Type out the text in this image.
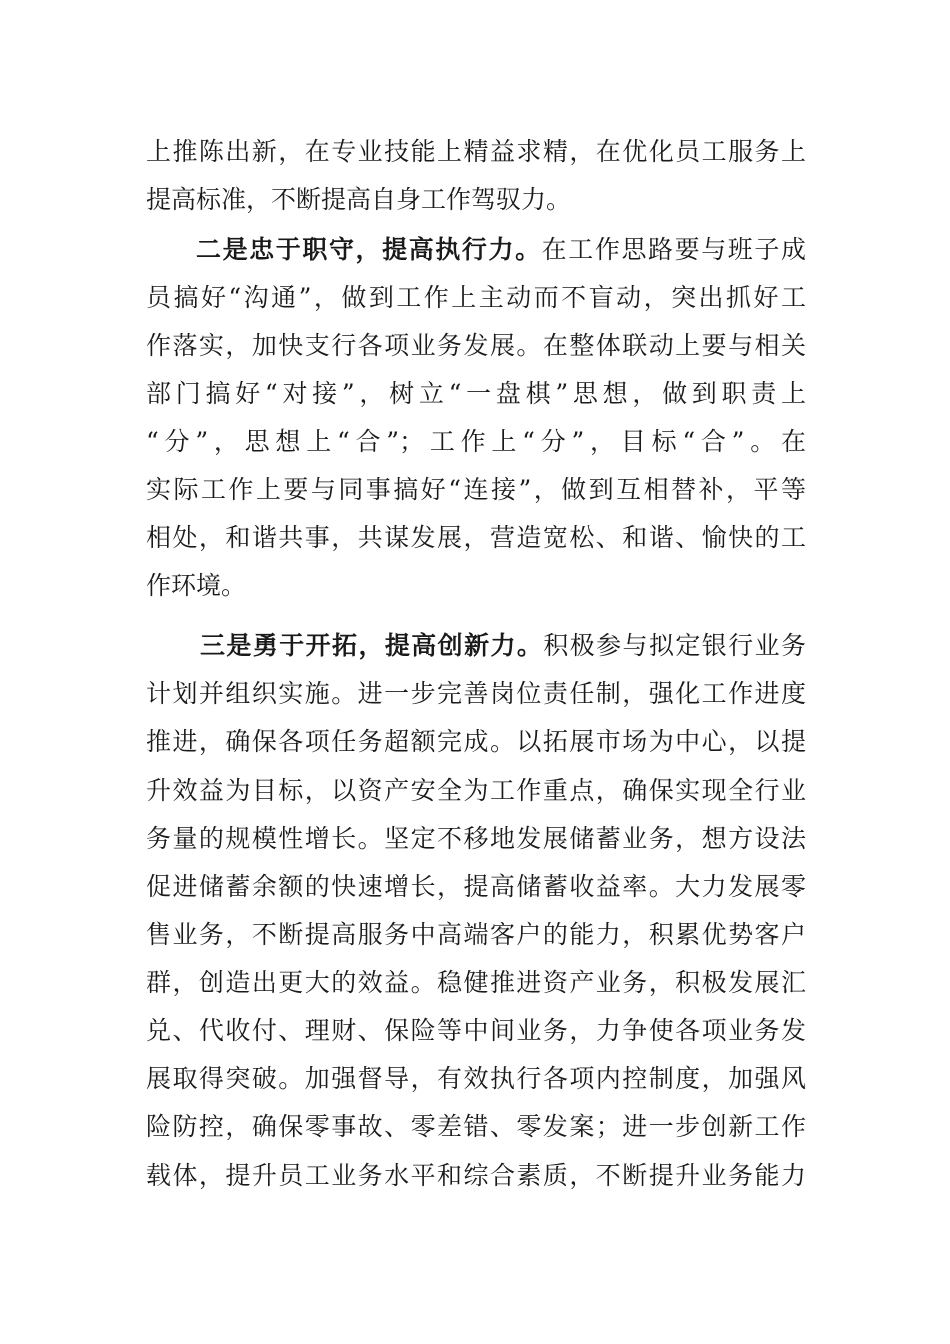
上推陈出新，在专业技能上精益求精，在优化员工服务上
提高标准，不断提高自身工作驾驭力。
二是忠于职守，提高执行力。在工作思路要与班子成
员搞好“沟通”，做到工作上主动而不盲动，突出抓好工
作落实，加快支行各项业务发展。在整体联动上要与相关
部门搞好“对接”，树立“一盘棋”思想，做到职责上
“分”，思想上“合”；工作上“分”，目标“合”。在
实际工作上要与同事搞好“连接”，做到互相替补，平等
相处，和谐共事，共谋发展，营造宽松、和谐、愉快的工
作环境。
三是勇于开拓，提高创新力。积极参与拟定银行业务
计划并组织实施。进一步完善岗位责任制，强化工作进度
推进，确保各项任务超额完成。以拓展市场为中心，以提
升效益为目标，以资产安全为工作重点，确保实现全行业
务量的规模性增长。坚定不移地发展储蓄业务，想方设法
促进储蓄余额的快速增长，提高储蓄收益率。大力发展零
售业务，不断提高服务中高端客户的能力，积累优势客户
群，创造出更大的效益。稳健推进资产业务，积极发展汇
兑、代收付、理财、保险等中间业务，力争使各项业务发
展取得突破。加强督导，有效执行各项内控制度，加强风
险防控，确保零事故、零差错、零发案；进一步创新工作
载体，提升员工业务水平和综合素质，不断提升业务能力
